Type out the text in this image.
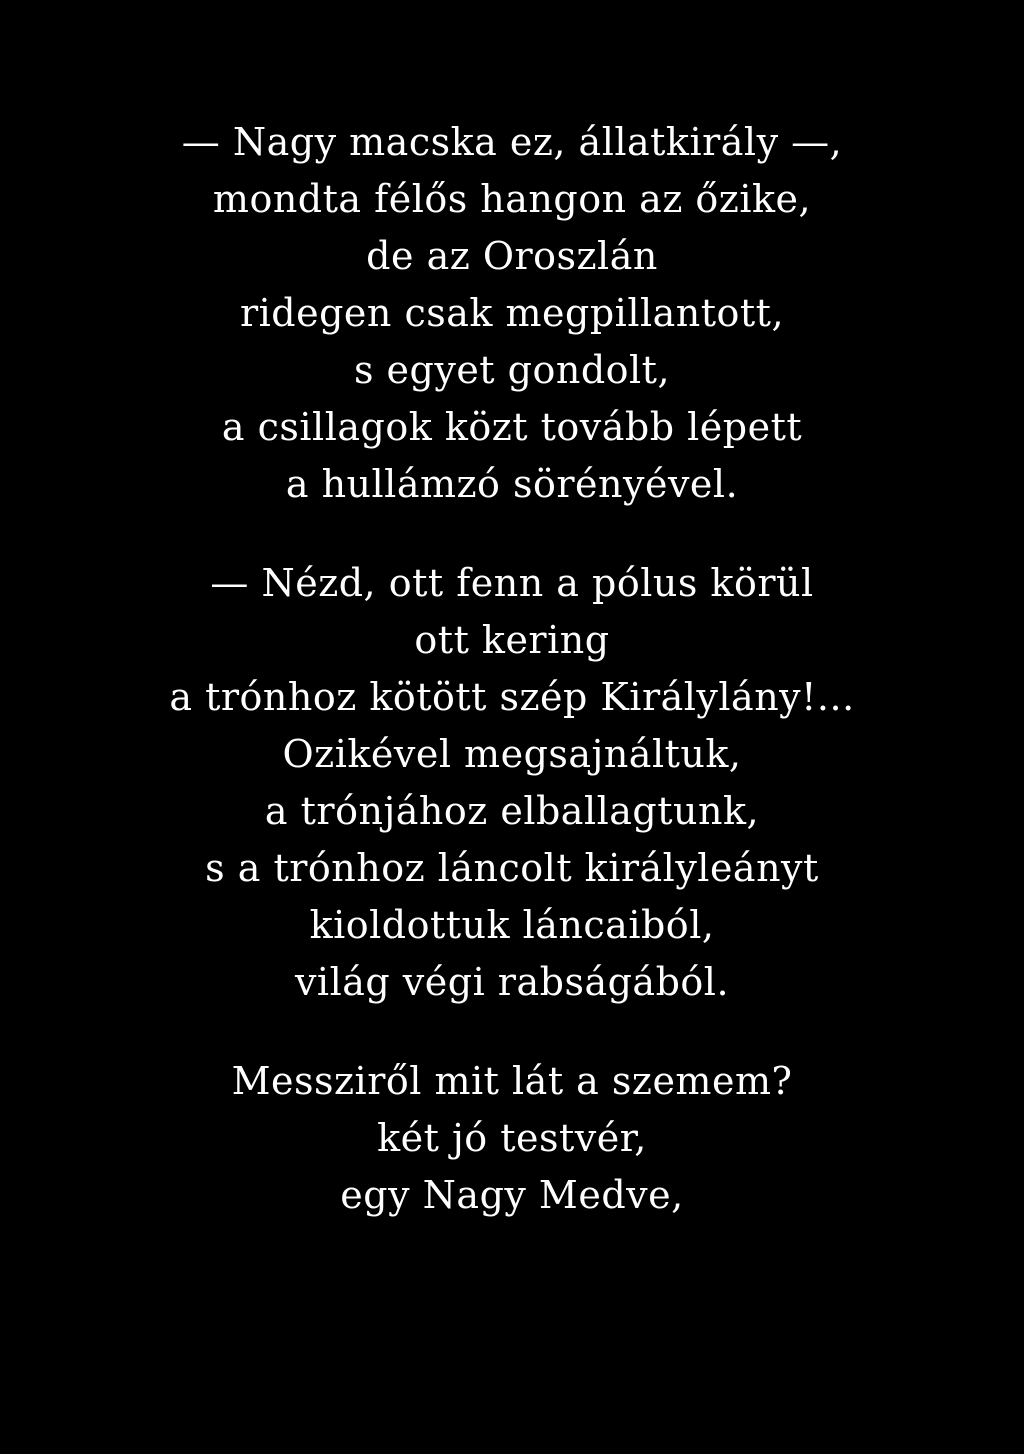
— Nagy macska ez, állatkirály —,
mondta félős hangon az őzike,
de az Oroszlán
ridegen csak megpillantott,
s egyet gondolt,
a csillagok közt tovább lépett
a hullámzó sörényével.
— Nézd, ott fenn a pólus körül
ott kering
a trónhoz kötött szép Királylány!...
Ozikével megsajnáltuk,
a trónjához elballagtunk,
s a trónhoz láncolt királyleányt
kioldottuk láncaiból,
világ végi rabságából.
Messziről mit lát a szemem?
két jó testvér,
egy Nagy Medve,
